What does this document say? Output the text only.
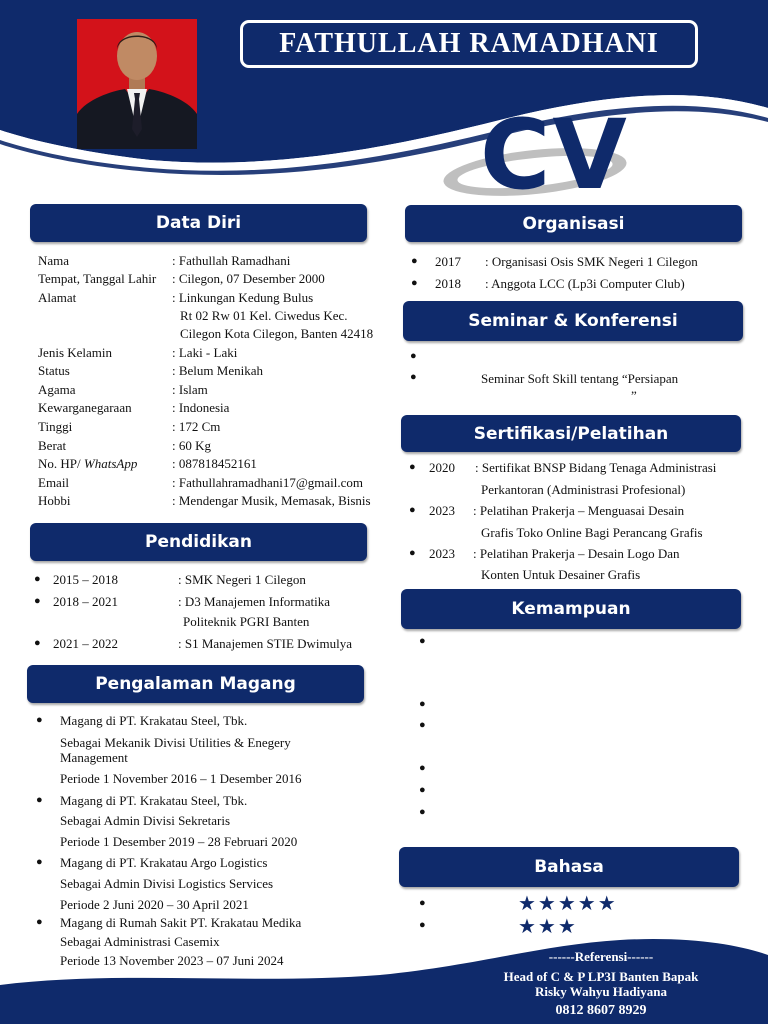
FATHULLAH RAMADHANI
CV
Data Diri
Nama	: Fathullah Ramadhani
Tempat, Tanggal Lahir : Cilegon, 07 Desember 2000
Alamat	: Linkungan Kedung Bulus
Rt 02 Rw 01 Kel. Ciwedus Kec.
Cilegon Kota Cilegon, Banten 42418
Jenis Kelamin	: Laki - Laki
Status	: Belum Menikah
Agama	: Islam
Kewarganegaraan	: Indonesia
Tinggi	: 172 Cm
Berat	: 60 Kg
No. HP/ WhatsApp	: 087818452161
Email	: Fathullahramadhani17@gmail.com
Hobbi	: Mendengar Musik, Memasak, Bisnis
Pendidikan
● 2015 – 2018	: SMK Negeri 1 Cilegon
● 2018 – 2021	: D3 Manajemen Informatika
Politeknik PGRI Banten
● 2021 – 2022	: S1 Manajemen STIE Dwimulya
Pengalaman Magang
● Magang di PT. Krakatau Steel, Tbk.
Sebagai Mekanik Divisi Utilities & Enegery
Management
Periode 1 November 2016 – 1 Desember 2016
● Magang di PT. Krakatau Steel, Tbk.
Sebagai Admin Divisi Sekretaris
Periode 1 Desember 2019 – 28 Februari 2020
● Magang di PT. Krakatau Argo Logistics
Sebagai Admin Divisi Logistics Services
Periode 2 Juni 2020 – 30 April 2021
● Magang di Rumah Sakit PT. Krakatau Medika
Sebagai Administrasi Casemix
Periode 13 November 2023 – 07 Juni 2024
Organisasi
● 2017 : Organisasi Osis SMK Negeri 1 Cilegon
● 2018 : Anggota LCC (Lp3i Computer Club)
Seminar & Konferensi
●
●	Seminar Soft Skill tentang “Persiapan
”
Sertifikasi/Pelatihan
● 2020 : Sertifikat BNSP Bidang Tenaga Administrasi
Perkantoran (Administrasi Profesional)
● 2023 : Pelatihan Prakerja – Menguasai Desain
Grafis Toko Online Bagi Perancang Grafis
● 2023 : Pelatihan Prakerja – Desain Logo Dan
Konten Untuk Desainer Grafis
Kemampuan
●
●
●
●
●
●
Bahasa
●	★★★★★
●	★★★
------Referensi------
Head of C & P LP3I Banten Bapak
Risky Wahyu Hadiyana
0812 8607 8929
